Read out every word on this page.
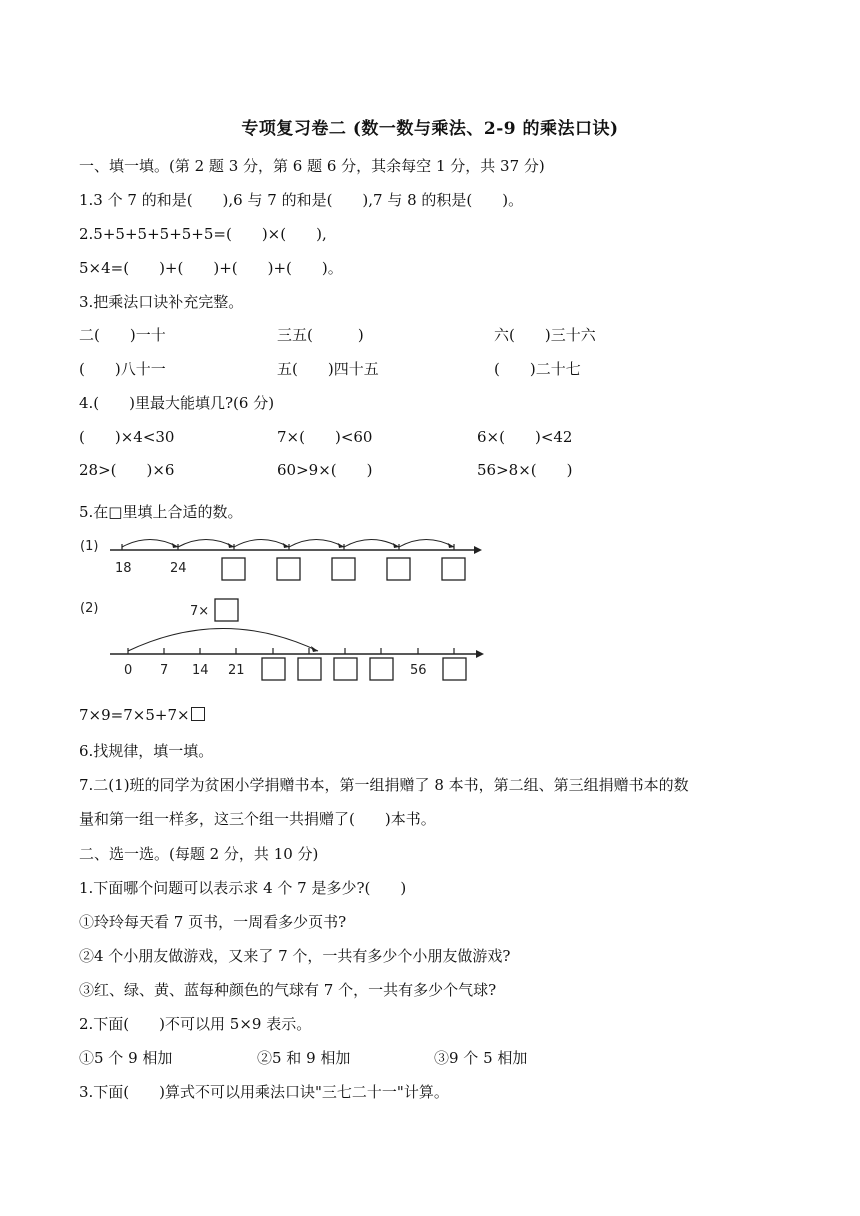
专项复习卷二 (数一数与乘法、2-9 的乘法口诀)
一、填一填。(第 2 题 3 分，第 6 题 6 分，其余每空 1 分，共 37 分)
1.3 个 7 的和是(　　),6 与 7 的和是(　　),7 与 8 的积是(　　)。
2.5+5+5+5+5+5=(　　)×(　　),
5×4=(　　)+(　　)+(　　)+(　　)。
3.把乘法口诀补充完整。
二(　　)一十	三五(　　　)	六(　　)三十六
(　　)八十一	五(　　)四十五	(　　)二十七
4.(　　)里最大能填几?(6 分)
(　　)×4<30	7×(　　)<60	6×(　　)<42
28>(　　)×6	60>9×(　　)	56>8×(　　)
5.在□里填上合适的数。
(1)
18	24
(2)	7×
0 7 14 21	56
7×9=7×5+7×
6.找规律，填一填。
7.二(1)班的同学为贫困小学捐赠书本，第一组捐赠了 8 本书，第二组、第三组捐赠书本的数
量和第一组一样多，这三个组一共捐赠了(　　)本书。
二、选一选。(每题 2 分，共 10 分)
1.下面哪个问题可以表示求 4 个 7 是多少?(　　)
①玲玲每天看 7 页书，一周看多少页书?
②4 个小朋友做游戏，又来了 7 个，一共有多少个小朋友做游戏?
③红、绿、黄、蓝每种颜色的气球有 7 个，一共有多少个气球?
2.下面(　　)不可以用 5×9 表示。
①5 个 9 相加	②5 和 9 相加	③9 个 5 相加
3.下面(　　)算式不可以用乘法口诀"三七二十一"计算。
